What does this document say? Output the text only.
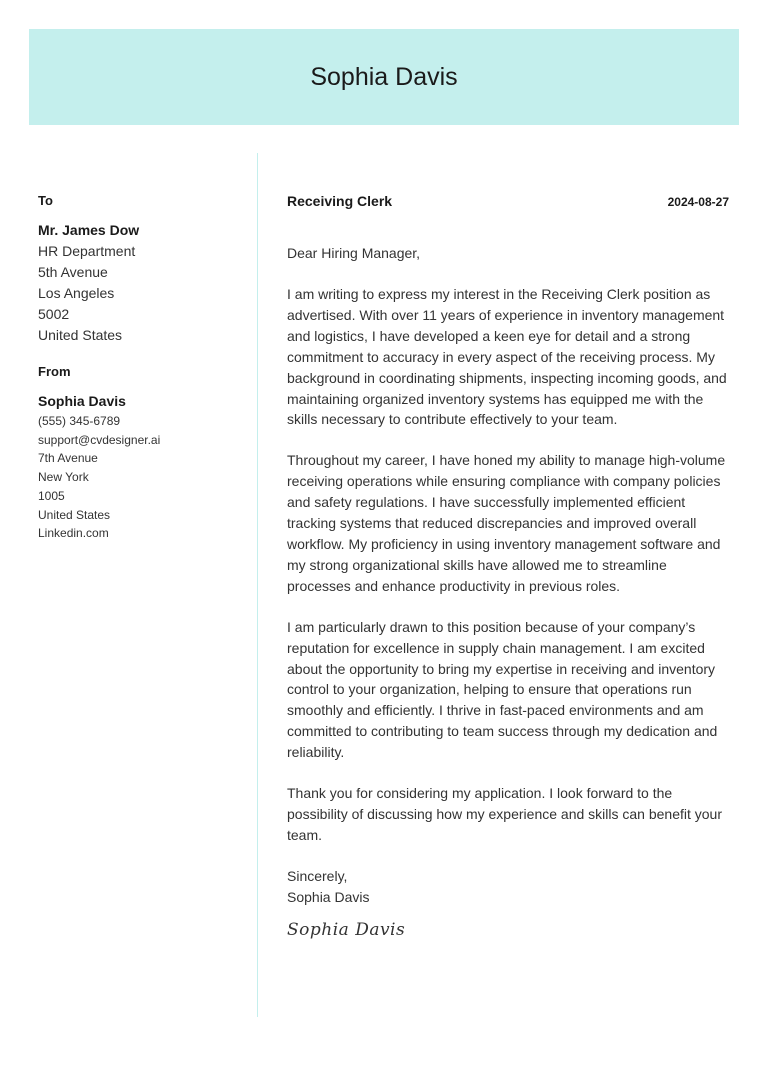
Sophia Davis
To
Mr. James Dow
HR Department
5th Avenue
Los Angeles
5002
United States
From
Sophia Davis
(555) 345-6789
support@cvdesigner.ai
7th Avenue
New York
1005
United States
Linkedin.com
Receiving Clerk	2024-08-27
Dear Hiring Manager,
I am writing to express my interest in the Receiving Clerk position as advertised. With over 11 years of experience in inventory management and logistics, I have developed a keen eye for detail and a strong commitment to accuracy in every aspect of the receiving process. My background in coordinating shipments, inspecting incoming goods, and maintaining organized inventory systems has equipped me with the skills necessary to contribute effectively to your team.
Throughout my career, I have honed my ability to manage high-volume receiving operations while ensuring compliance with company policies and safety regulations. I have successfully implemented efficient tracking systems that reduced discrepancies and improved overall workflow. My proficiency in using inventory management software and my strong organizational skills have allowed me to streamline processes and enhance productivity in previous roles.
I am particularly drawn to this position because of your company’s reputation for excellence in supply chain management. I am excited about the opportunity to bring my expertise in receiving and inventory control to your organization, helping to ensure that operations run smoothly and efficiently. I thrive in fast-paced environments and am committed to contributing to team success through my dedication and reliability.
Thank you for considering my application. I look forward to the possibility of discussing how my experience and skills can benefit your team.
Sincerely,
Sophia Davis
Sophia Davis
